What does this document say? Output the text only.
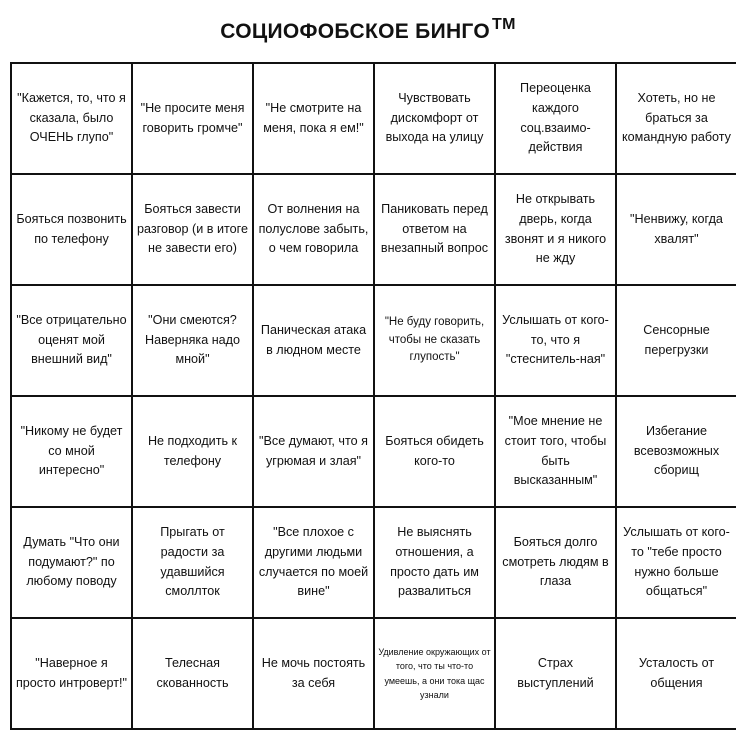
СОЦИОФОБСКОЕ БИНГО ™
"Кажется, то, что я сказала, было ОЧЕНЬ глупо"
"Не просите меня говорить громче"
"Не смотрите на меня, пока я ем!"
Чувствовать дискомфорт от выхода на улицу
Переоценка каждого соц.взаимо-действия
Хотеть, но не браться за командную работу
Бояться позвонить по телефону
Бояться завести разговор (и в итоге не завести его)
От волнения на полуслове забыть, о чем говорила
Паниковать перед ответом на внезапный вопрос
Не открывать дверь, когда звонят и я никого не жду
"Ненвижу, когда хвалят"
"Все отрицательно оценят мой внешний вид"
"Они смеются? Наверняка надо мной"
Паническая атака в людном месте
"Не буду говорить, чтобы не сказать глупость"
Услышать от кого-то, что я "стеснитель-ная"
Сенсорные перегрузки
"Никому не будет со мной интересно"
Не подходить к телефону
"Все думают, что я угрюмая и злая"
Бояться обидеть кого-то
"Мое мнение не стоит того, чтобы быть высказанным"
Избегание всевозможных сборищ
Думать "Что они подумают?" по любому поводу
Прыгать от радости за удавшийся смоллток
"Все плохое с другими людьми случается по моей вине"
Не выяснять отношения, а просто дать им развалиться
Бояться долго смотреть людям в глаза
Услышать от кого-то "тебе просто нужно больше общаться"
"Наверное я просто интроверт!"
Телесная скованность
Не мочь постоять за себя
Удивление окружающих от того, что ты что-то умеешь, а они тока щас узнали
Страх выступлений
Усталость от общения
